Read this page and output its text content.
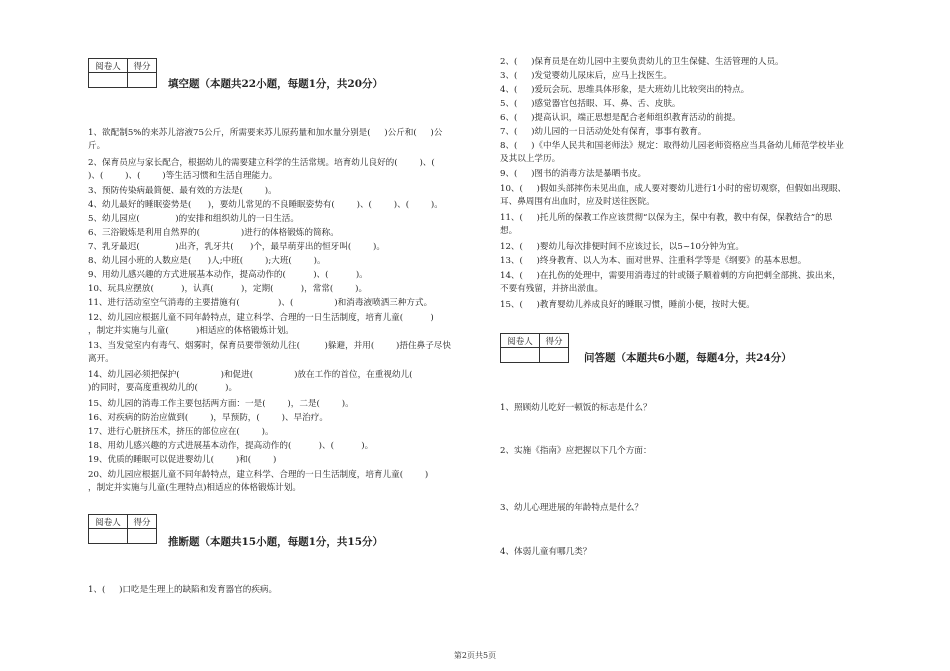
阅卷人	得分

填空题（本题共22小题，每题1分，共20分）
1、欲配制5%的来苏儿溶液75公斤，所需要来苏儿原药量和加水量分别是(     )公斤和(     )公
斤。
2、保育员应与家长配合，根据幼儿的需要建立科学的生活常规。培育幼儿良好的(        )、(
)、(        )、(        )等生活习惯和生活自理能力。
3、预防传染病最简便、最有效的方法是(        )。
4、幼儿最好的睡眠姿势是(      )，要幼儿常见的不良睡眠姿势有(        )、(        )、(        )。
5、幼儿园应(             )的安排和组织幼儿的一日生活。
6、三浴锻炼是利用自然界的(               )进行的体格锻炼的简称。
7、乳牙最迟(             )出齐，乳牙共(      )个，最早萌芽出的恒牙叫(        )。
8、幼儿园小班的人数应是(      )人;中班(        );大班(        )。
9、用幼儿感兴趣的方式进展基本动作，提高动作的(          )、(          )。
10、玩具应摆放(          )，认真(          )，定期(          )，常常(        )。
11、进行活动室空气消毒的主要措施有(              )、(               )和消毒液喷洒三种方式。
12、幼儿园应根据儿童不同年龄特点，建立科学、合理的一日生活制度，培育儿童(          )
，制定并实施与儿童(          )相适应的体格锻炼计划。
13、当发觉室内有毒气、烟雾时，保育员要带领幼儿往(         )躲避，并用(        )捂住鼻子尽快
离开。
14、幼儿园必须把保护(               )和促进(               )放在工作的首位，在重视幼儿(
)的同时，要高度重视幼儿的(          )。
15、幼儿园的消毒工作主要包括两方面：一是(        )，二是(        )。
16、对疾病的防治应做到(        )，早预防，(        )、早治疗。
17、进行心脏挤压术，挤压的部位应在(        )。
18、用幼儿感兴趣的方式进展基本动作，提高动作的(          )、(          )。
19、优质的睡眠可以促进婴幼儿(        )和(        )
20、幼儿园应根据儿童不同年龄特点，建立科学、合理的一日生活制度，培育儿童(        )
，制定并实施与儿童(生理特点)相适应的体格锻炼计划。
阅卷人	得分

推断题（本题共15小题，每题1分，共15分）
1、(     )口吃是生理上的缺陷和发育器官的疾病。
2、(     )保育员是在幼儿园中主要负责幼儿的卫生保健、生活管理的人员。
3、(     )发觉婴幼儿尿床后，应马上找医生。
4、(     )爱玩会玩、思维具体形象，是大班幼儿比较突出的特点。
5、(     )感觉器官包括眼、耳、鼻、舌、皮肤。
6、(     )提高认识，端正思想是配合老师组织教育活动的前提。
7、(     )幼儿园的一日活动处处有保育，事事有教育。
8、(     )《中华人民共和国老师法》规定：取得幼儿园老师资格应当具备幼儿师范学校毕业
及其以上学历。
9、(     )图书的消毒方法是暴晒书皮。
10、(     )假如头部摔伤未见出血，成人要对婴幼儿进行1小时的密切观察，但假如出现眼、
耳、鼻周围有出血时，应及时送往医院。
11、(     )托儿所的保教工作应该贯彻“以保为主，保中有教，教中有保，保教结合”的思
想。
12、(     )婴幼儿每次排便时间不应该过长，以5~10分钟为宜。
13、(     )终身教育、以人为本、面对世界、注重科学等是《纲要》的基本思想。
14、(     )在扎伤的处理中，需要用消毒过的针或镊子顺着刺的方向把刺全部挑、拔出来，
不要有残留，并挤出淤血。
15、(     )教育婴幼儿养成良好的睡眠习惯，睡前小便，按时大便。
阅卷人	得分

问答题（本题共6小题，每题4分，共24分）
1、照顾幼儿吃好一顿饭的标志是什么？
2、实施《指南》应把握以下几个方面：
3、幼儿心理进展的年龄特点是什么？
4、体弱儿童有哪几类？
第2页共5页
